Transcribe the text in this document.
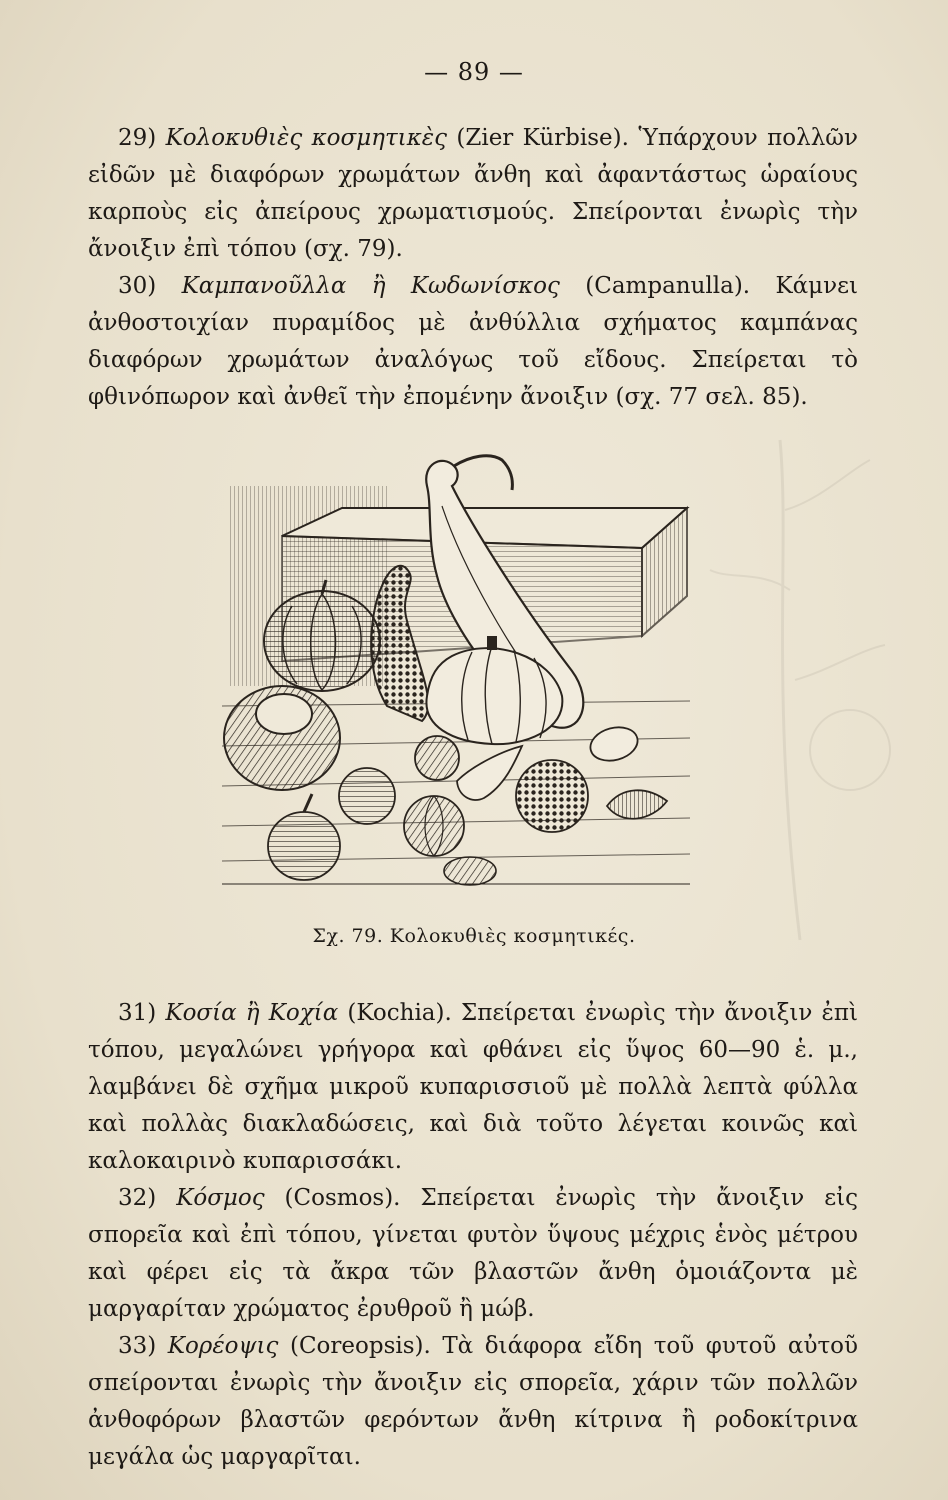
— 89 —

29) Κολοκυθιὲς κοσμητικὲς (Zier Kürbise). Ὑπάρχουν πολλῶν εἰδῶν μὲ διαφόρων χρωμάτων ἄνθη καὶ ἀφαντάστως ὡραίους καρποὺς εἰς ἀπείρους χρωματισμούς. Σπείρονται ἐνωρὶς τὴν ἄνοιξιν ἐπὶ τόπου (σχ. 79).

30) Καμπανοῦλλα ἢ Κωδωνίσκος (Campanulla). Κάμνει ἀνθοστοιχίαν πυραμίδος μὲ ἀνθύλλια σχήματος καμπάνας διαφόρων χρωμάτων ἀναλόγως τοῦ εἴδους. Σπείρεται τὸ φθινόπωρον καὶ ἀνθεῖ τὴν ἐπομένην ἄνοιξιν (σχ. 77 σελ. 85).

Σχ. 79. Κολοκυθιὲς κοσμητικές.

31) Κοσία ἢ Κοχία (Kochia). Σπείρεται ἐνωρὶς τὴν ἄνοιξιν ἐπὶ τόπου, μεγαλώνει γρήγορα καὶ φθάνει εἰς ὕψος 60—90 ἑ. μ., λαμβάνει δὲ σχῆμα μικροῦ κυπαρισσιοῦ μὲ πολλὰ λεπτὰ φύλλα καὶ πολλὰς διακλαδώσεις, καὶ διὰ τοῦτο λέγεται κοινῶς καὶ καλοκαιρινὸ κυπαρισσάκι.

32) Κόσμος (Cosmos). Σπείρεται ἐνωρὶς τὴν ἄνοιξιν εἰς σπορεῖα καὶ ἐπὶ τόπου, γίνεται φυτὸν ὕψους μέχρις ἑνὸς μέτρου καὶ φέρει εἰς τὰ ἄκρα τῶν βλαστῶν ἄνθη ὁμοιάζοντα μὲ μαργαρίταν χρώματος ἐρυθροῦ ἢ μώβ.

33) Κορέοψις (Coreopsis). Τὰ διάφορα εἴδη τοῦ φυτοῦ αὐτοῦ σπείρονται ἐνωρὶς τὴν ἄνοιξιν εἰς σπορεῖα, χάριν τῶν πολλῶν ἀνθοφόρων βλαστῶν φερόντων ἄνθη κίτρινα ἢ ροδοκίτρινα μεγάλα ὡς μαργαρῖται.
